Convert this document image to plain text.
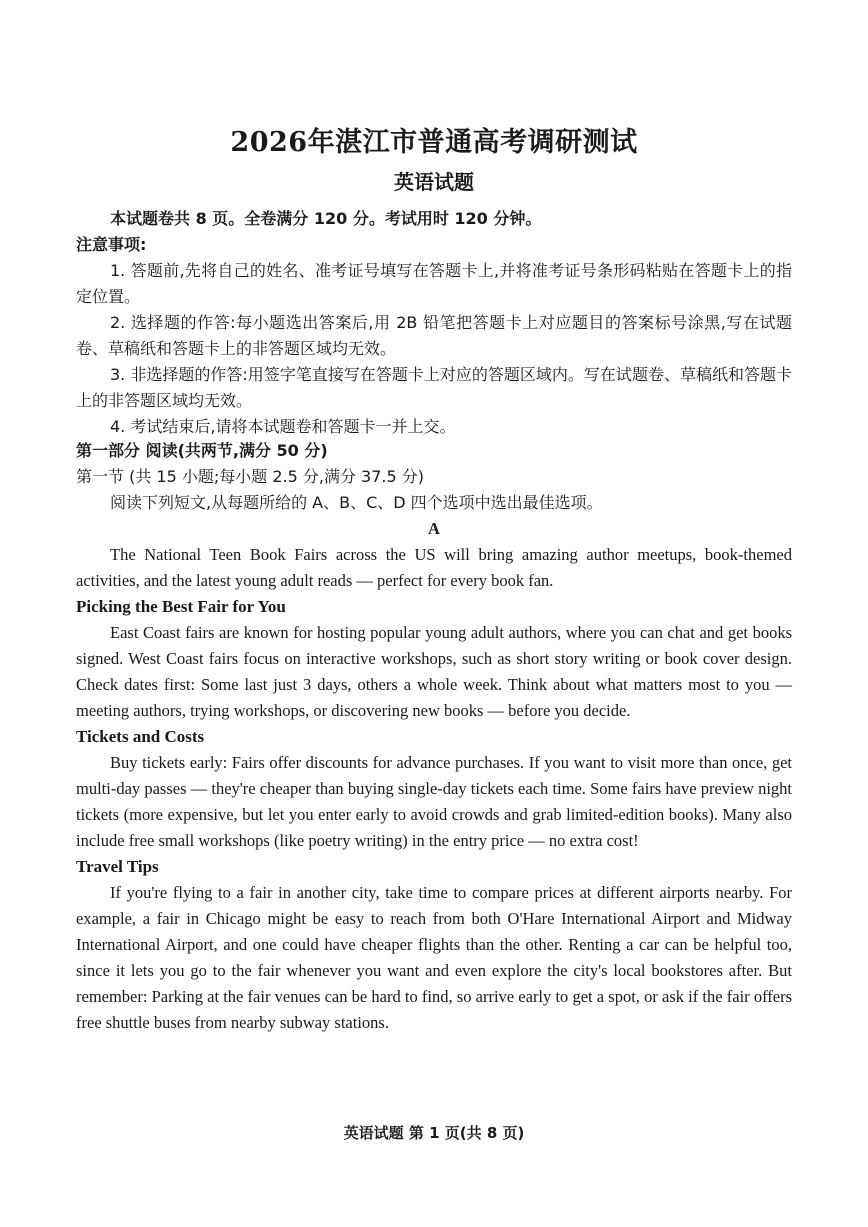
2026年湛江市普通高考调研测试
英语试题
本试题卷共 8 页。全卷满分 120 分。考试用时 120 分钟。

注意事项:

1. 答题前,先将自己的姓名、准考证号填写在答题卡上,并将准考证号条形码粘贴在答题卡上的指定位置。

2. 选择题的作答:每小题选出答案后,用 2B 铅笔把答题卡上对应题目的答案标号涂黑,写在试题卷、草稿纸和答题卡上的非答题区域均无效。

3. 非选择题的作答:用签字笔直接写在答题卡上对应的答题区域内。写在试题卷、草稿纸和答题卡上的非答题区域均无效。

4. 考试结束后,请将本试题卷和答题卡一并上交。

第一部分 阅读(共两节,满分 50 分)

第一节 (共 15 小题;每小题 2.5 分,满分 37.5 分)

阅读下列短文,从每题所给的 A、B、C、D 四个选项中选出最佳选项。

A

The National Teen Book Fairs across the US will bring amazing author meetups, book-themed activities, and the latest young adult reads — perfect for every book fan.

Picking the Best Fair for You

East Coast fairs are known for hosting popular young adult authors, where you can chat and get books signed. West Coast fairs focus on interactive workshops, such as short story writing or book cover design. Check dates first: Some last just 3 days, others a whole week. Think about what matters most to you — meeting authors, trying workshops, or discovering new books — before you decide.

Tickets and Costs

Buy tickets early: Fairs offer discounts for advance purchases. If you want to visit more than once, get multi-day passes — they're cheaper than buying single-day tickets each time. Some fairs have preview night tickets (more expensive, but let you enter early to avoid crowds and grab limited-edition books). Many also include free small workshops (like poetry writing) in the entry price — no extra cost!

Travel Tips

If you're flying to a fair in another city, take time to compare prices at different airports nearby. For example, a fair in Chicago might be easy to reach from both O'Hare International Airport and Midway International Airport, and one could have cheaper flights than the other. Renting a car can be helpful too, since it lets you go to the fair whenever you want and even explore the city's local bookstores after. But remember: Parking at the fair venues can be hard to find, so arrive early to get a spot, or ask if the fair offers free shuttle buses from nearby subway stations.

英语试题 第 1 页(共 8 页)
